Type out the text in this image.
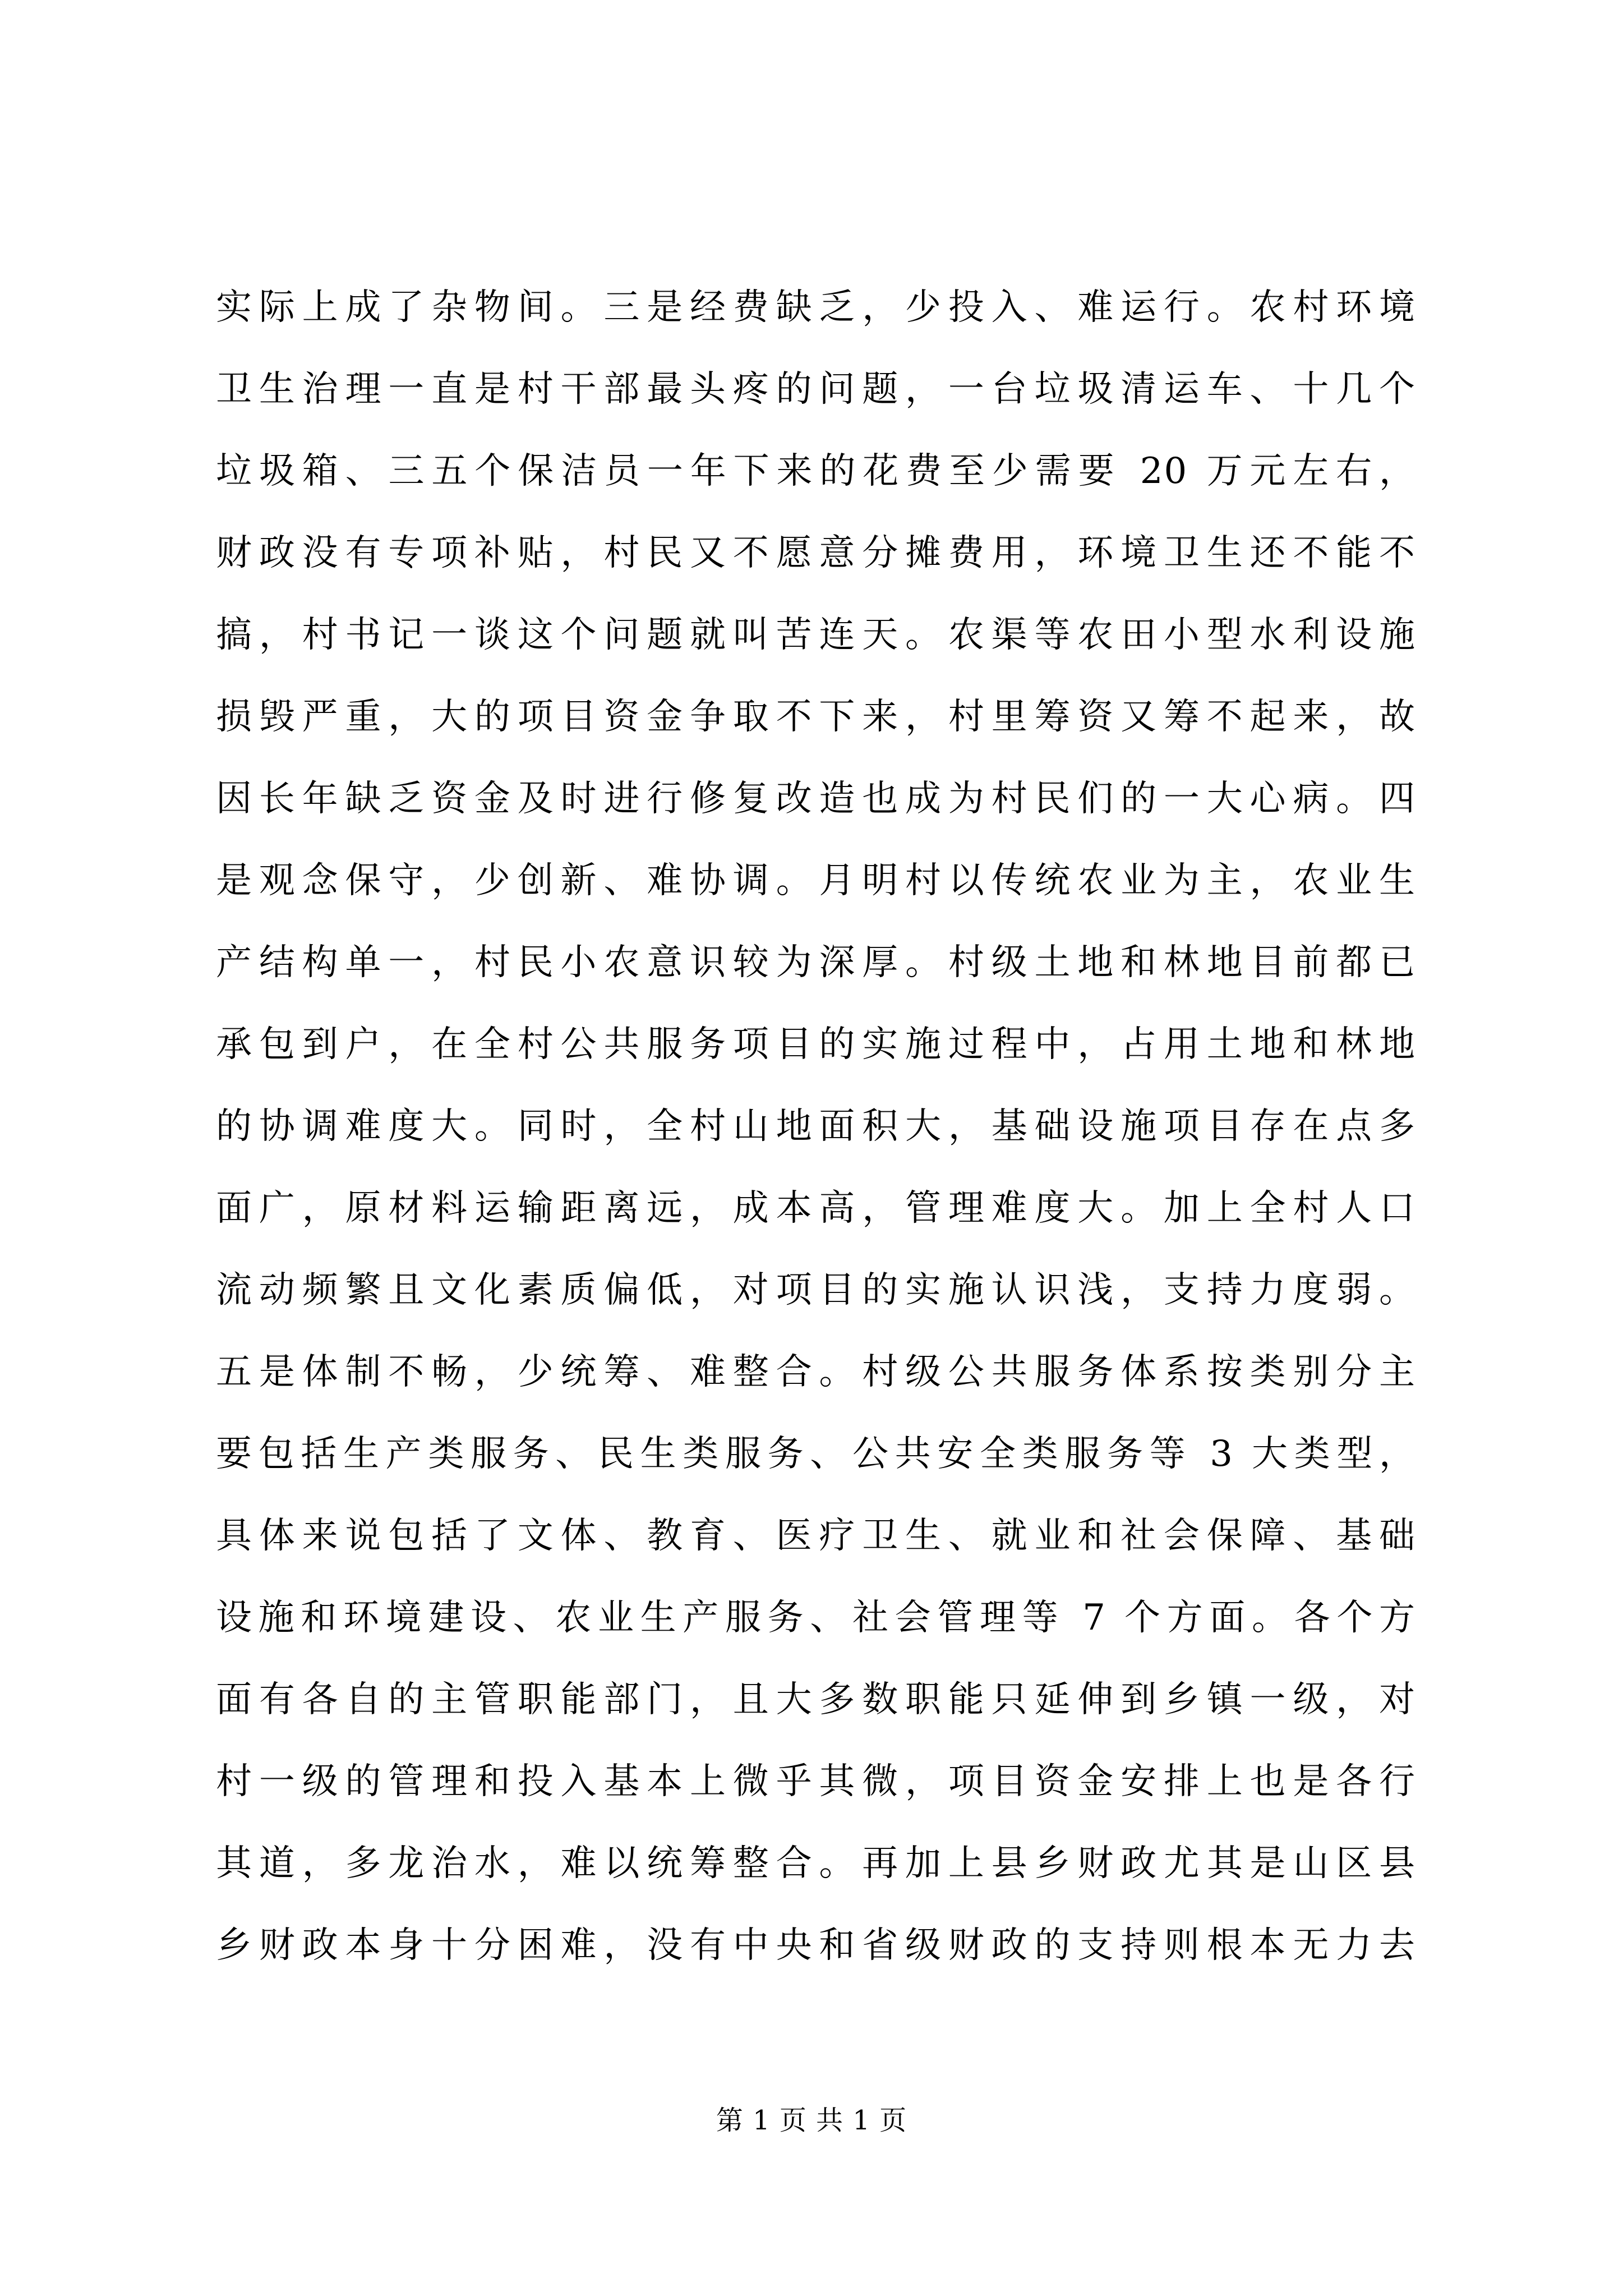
实际上成了杂物间。三是经费缺乏，少投入、难运行。农村环境
卫生治理一直是村干部最头疼的问题，一台垃圾清运车、十几个
垃圾箱、三五个保洁员一年下来的花费至少需要 20 万元左右，
财政没有专项补贴，村民又不愿意分摊费用，环境卫生还不能不
搞，村书记一谈这个问题就叫苦连天。农渠等农田小型水利设施
损毁严重，大的项目资金争取不下来，村里筹资又筹不起来，故
因长年缺乏资金及时进行修复改造也成为村民们的一大心病。四
是观念保守，少创新、难协调。月明村以传统农业为主，农业生
产结构单一，村民小农意识较为深厚。村级土地和林地目前都已
承包到户，在全村公共服务项目的实施过程中，占用土地和林地
的协调难度大。同时，全村山地面积大，基础设施项目存在点多
面广，原材料运输距离远，成本高，管理难度大。加上全村人口
流动频繁且文化素质偏低，对项目的实施认识浅，支持力度弱。
五是体制不畅，少统筹、难整合。村级公共服务体系按类别分主
要包括生产类服务、民生类服务、公共安全类服务等 3 大类型，
具体来说包括了文体、教育、医疗卫生、就业和社会保障、基础
设施和环境建设、农业生产服务、社会管理等 7 个方面。各个方
面有各自的主管职能部门，且大多数职能只延伸到乡镇一级，对
村一级的管理和投入基本上微乎其微，项目资金安排上也是各行
其道，多龙治水，难以统筹整合。再加上县乡财政尤其是山区县
乡财政本身十分困难，没有中央和省级财政的支持则根本无力去
第 1 页 共 1 页
